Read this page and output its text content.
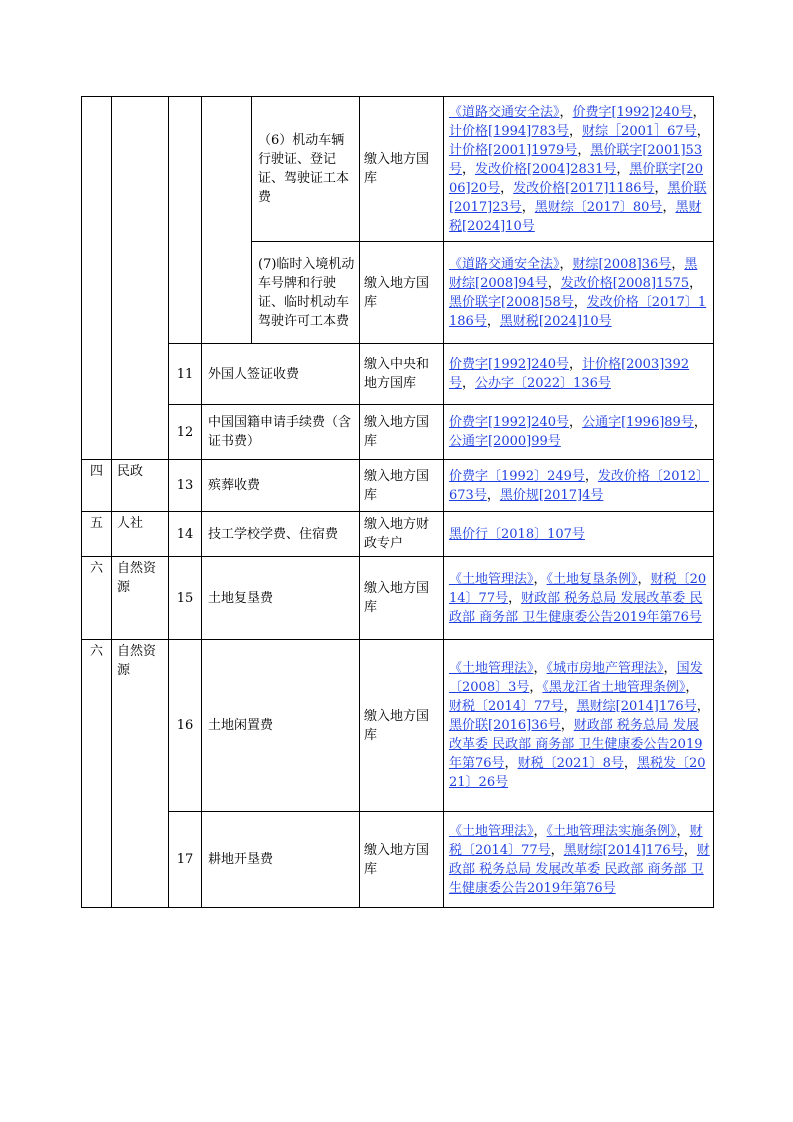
				（6）机动车辆行驶证、登记证、驾驶证工本费	缴入地方国库	《道路交通安全法》，价费字[1992]240号，计价格[1994]783号，财综［2001］67号，计价格[2001]1979号，黑价联字[2001]53号，发改价格[2004]2831号，黑价联字[2006]20号，发改价格[2017]1186号，黑价联[2017]23号，黑财综〔2017〕80号，黑财税[2024]10号
				(7)临时入境机动车号牌和行驶证、临时机动车驾驶许可工本费	缴入地方国库	《道路交通安全法》，财综[2008]36号，黑财综[2008]94号，发改价格[2008]1575，黑价联字[2008]58号，发改价格〔2017〕1186号，黑财税[2024]10号
		11	外国人签证收费		缴入中央和地方国库	价费字[1992]240号，计价格[2003]392号，公办字〔2022〕136号
		12	中国国籍申请手续费（含证书费）		缴入地方国库	价费字[1992]240号，公通字[1996]89号，公通字[2000]99号
四	民政	13	殡葬收费		缴入地方国库	价费字〔1992〕249号，发改价格〔2012〕673号，黑价规[2017]4号
五	人社	14	技工学校学费、住宿费		缴入地方财政专户	黑价行〔2018〕107号
六	自然资源	15	土地复垦费		缴入地方国库	《土地管理法》，《土地复垦条例》，财税〔2014〕77号，财政部 税务总局 发展改革委 民政部 商务部 卫生健康委公告2019年第76号
六	自然资源	16	土地闲置费		缴入地方国库	《土地管理法》，《城市房地产管理法》，国发〔2008〕3号，《黑龙江省土地管理条例》，财税〔2014〕77号，黑财综[2014]176号，黑价联[2016]36号，财政部 税务总局 发展改革委 民政部 商务部 卫生健康委公告2019年第76号，财税〔2021〕8号，黑税发〔2021〕26号
		17	耕地开垦费		缴入地方国库	《土地管理法》，《土地管理法实施条例》，财税〔2014〕77号，黑财综[2014]176号，财政部 税务总局 发展改革委 民政部 商务部 卫生健康委公告2019年第76号
